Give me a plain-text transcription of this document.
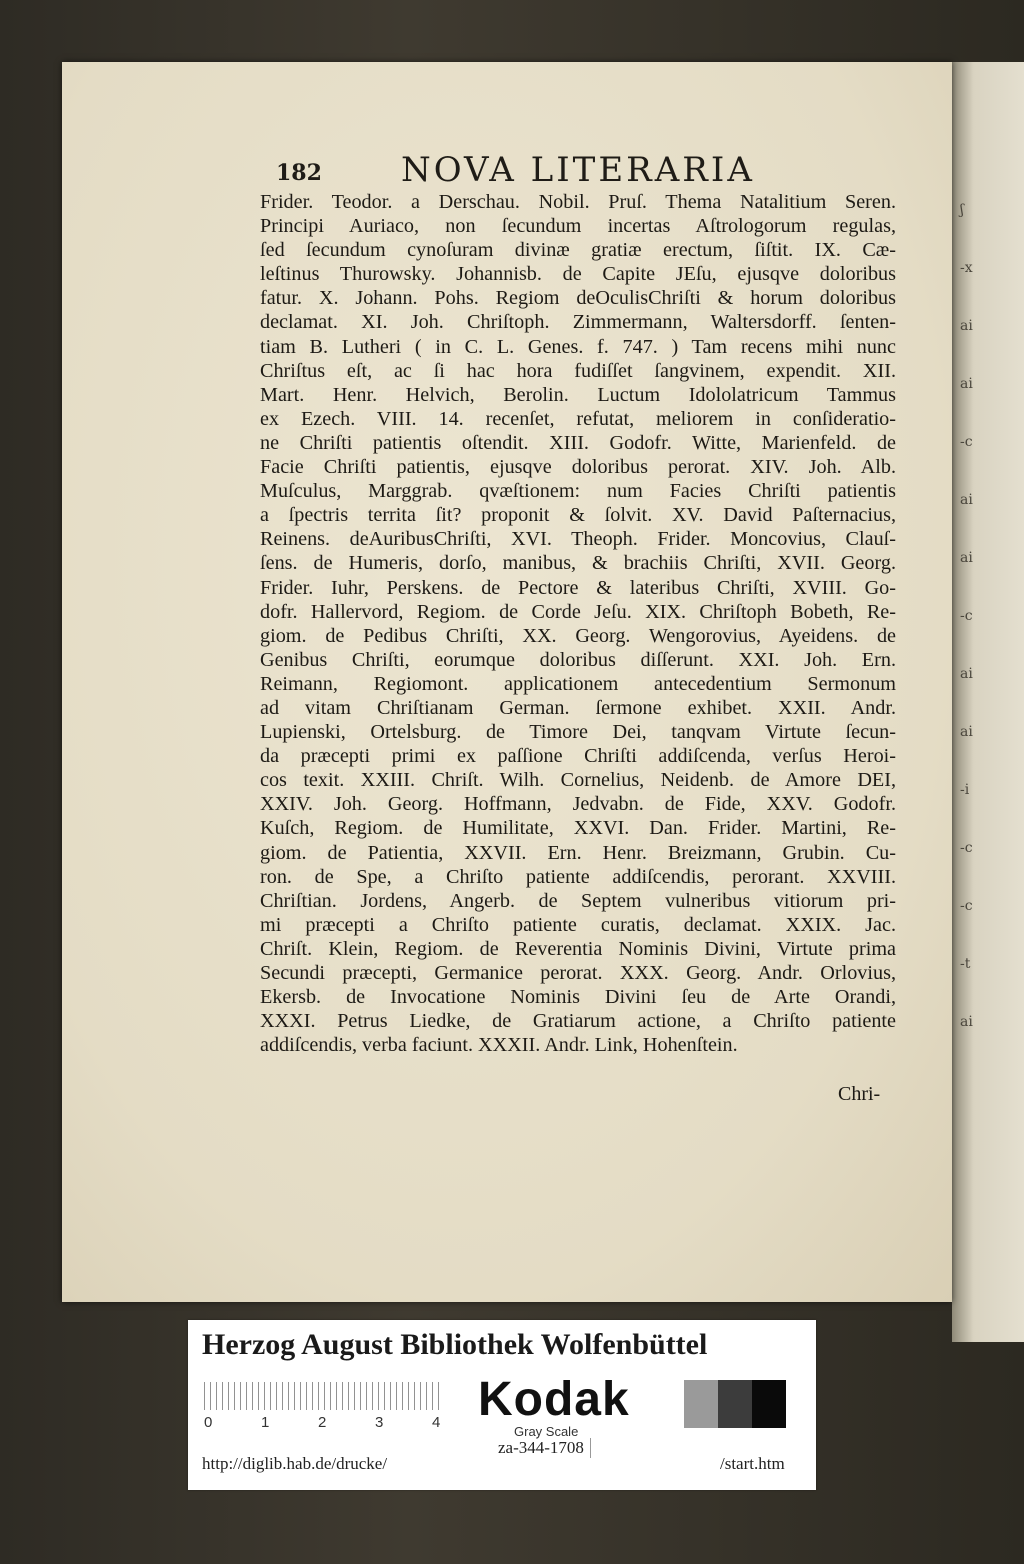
ʃ
-x
ai
ai
-c
ai
ai
-c
ai
ai
-i
-c
-c
-t
ai
182 NOVA LITERARIA
Frider. Teodor. a Derschau. Nobil. Pruſ. Thema Natalitium Seren.
Principi Auriaco, non ſecundum incertas Aſtrologorum regulas,
ſed ſecundum cynoſuram divinæ gratiæ erectum, ſiſtit. IX. Cæ-
leſtinus Thurowsky. Johannisb. de Capite JEſu, ejusqve doloribus
fatur. X. Johann. Pohs. Regiom deOculisChriſti & horum doloribus
declamat. XI. Joh. Chriſtoph. Zimmermann, Waltersdorff. ſenten-
tiam B. Lutheri ( in C. L. Genes. f. 747. ) Tam recens mihi nunc
Chriſtus eſt, ac ſi hac hora fudiſſet ſangvinem, expendit. XII.
Mart. Henr. Helvich, Berolin. Luctum Idololatricum Tammus
ex Ezech. VIII. 14. recenſet, refutat, meliorem in conſideratio-
ne Chriſti patientis oſtendit. XIII. Godofr. Witte, Marienfeld. de
Facie Chriſti patientis, ejusqve doloribus perorat. XIV. Joh. Alb.
Muſculus, Marggrab. qvæſtionem: num Facies Chriſti patientis
a ſpectris territa ſit? proponit & ſolvit. XV. David Paſternacius,
Reinens. deAuribusChriſti, XVI. Theoph. Frider. Moncovius, Clauſ-
ſens. de Humeris, dorſo, manibus, & brachiis Chriſti, XVII. Georg.
Frider. Iuhr, Perskens. de Pectore & lateribus Chriſti, XVIII. Go-
dofr. Hallervord, Regiom. de Corde Jeſu. XIX. Chriſtoph Bobeth, Re-
giom. de Pedibus Chriſti, XX. Georg. Wengorovius, Ayeidens. de
Genibus Chriſti, eorumque doloribus diſſerunt. XXI. Joh. Ern.
Reimann, Regiomont. applicationem antecedentium Sermonum
ad vitam Chriſtianam German. ſermone exhibet. XXII. Andr.
Lupienski, Ortelsburg. de Timore Dei, tanqvam Virtute ſecun-
da præcepti primi ex paſſione Chriſti addiſcenda, verſus Heroi-
cos texit. XXIII. Chriſt. Wilh. Cornelius, Neidenb. de Amore DEI,
XXIV. Joh. Georg. Hoffmann, Jedvabn. de Fide, XXV. Godofr.
Kuſch, Regiom. de Humilitate, XXVI. Dan. Frider. Martini, Re-
giom. de Patientia, XXVII. Ern. Henr. Breizmann, Grubin. Cu-
ron. de Spe, a Chriſto patiente addiſcendis, perorant. XXVIII.
Chriſtian. Jordens, Angerb. de Septem vulneribus vitiorum pri-
mi præcepti a Chriſto patiente curatis, declamat. XXIX. Jac.
Chriſt. Klein, Regiom. de Reverentia Nominis Divini, Virtute prima
Secundi præcepti, Germanice perorat. XXX. Georg. Andr. Orlovius,
Ekersb. de Invocatione Nominis Divini ſeu de Arte Orandi,
XXXI. Petrus Liedke, de Gratiarum actione, a Chriſto patiente
addiſcendis, verba faciunt. XXXII. Andr. Link, Hohenſtein.
Chri-
Herzog August Bibliothek Wolfenbüttel
0	1	2	3	4 Kodak
Gray Scale
http://diglib.hab.de/drucke/
za-344-1708
/start.htm
